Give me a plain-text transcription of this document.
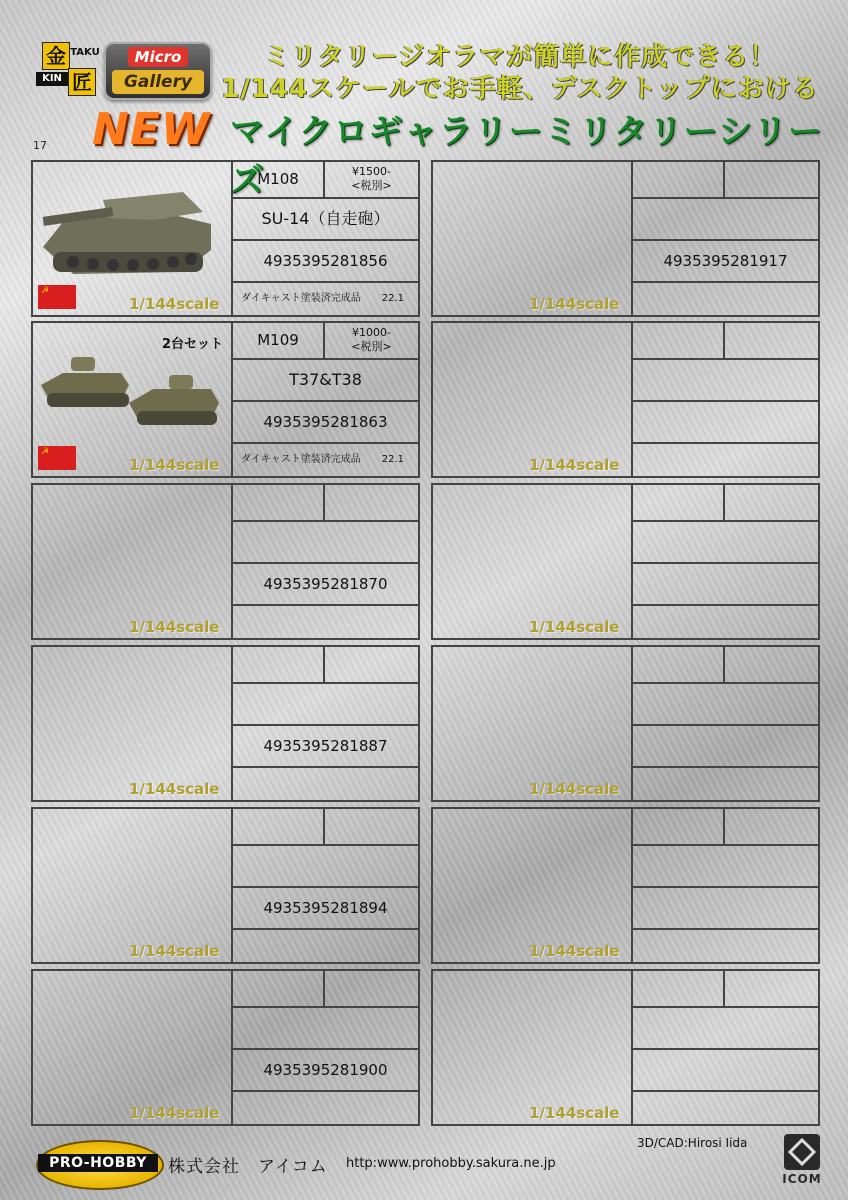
金
KIN
TAKU
匠
Micro
Gallery
ミリタリージオラマが簡単に作成できる！
1/144スケールでお手軽、デスクトップにおける
NEW マイクロギャラリーミリタリーシリーズ
17
☭
1/144scale
M108	¥1500-
<税別>
SU-14（自走砲）
4935395281856
ダイキャスト塗装済完成品 22.1	1/144scale
4935395281917
2台セット
☭
1/144scale
M109	¥1000-
<税別>
T37&T38
4935395281863
ダイキャスト塗装済完成品 22.1	1/144scale
1/144scale
4935395281870
1/144scale
1/144scale
4935395281887
1/144scale
1/144scale
4935395281894
1/144scale
1/144scale
4935395281900
1/144scale
PRO-HOBBY	株式会社　アイコム http:www.prohobby.sakura.ne.jp
3D/CAD:Hirosi Iida
ICOM
